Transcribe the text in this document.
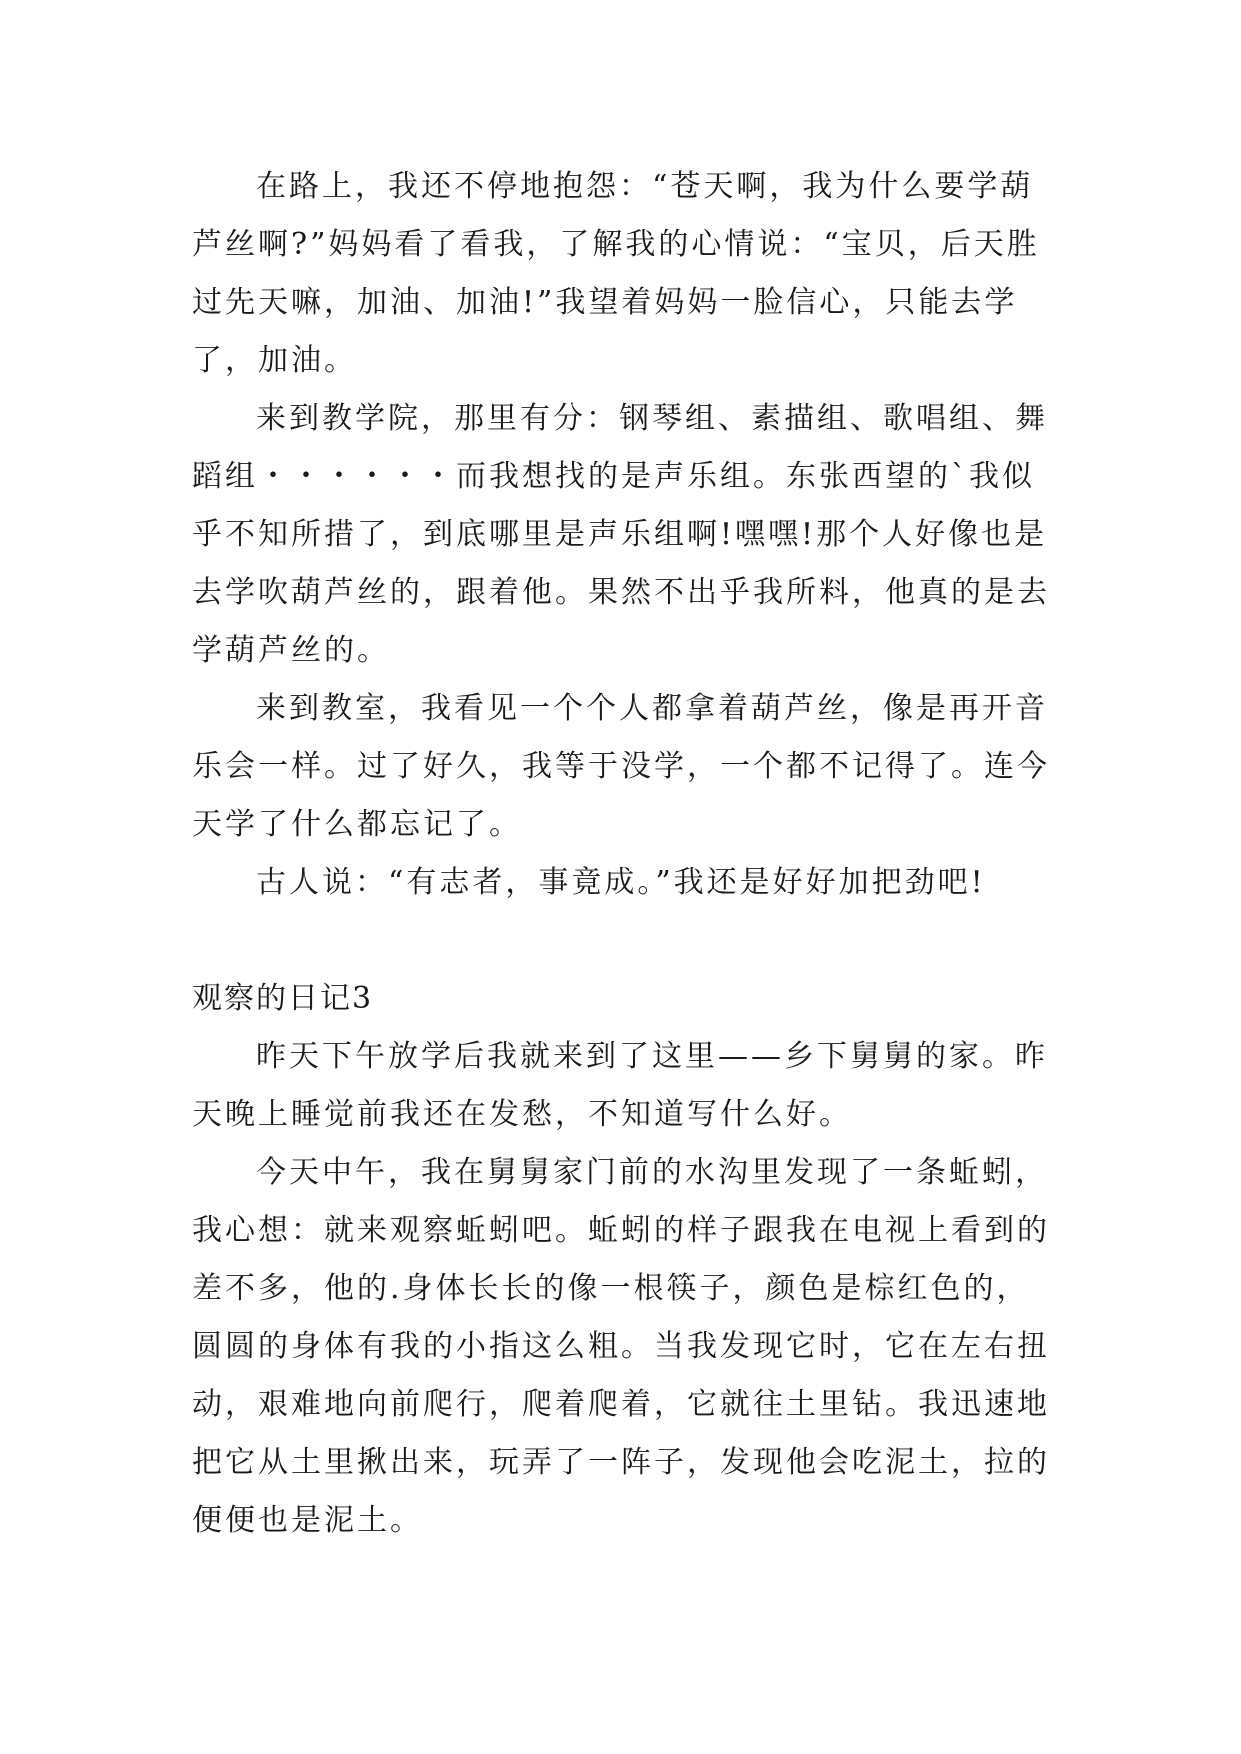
在路上，我还不停地抱怨：“苍天啊，我为什么要学葫
芦丝啊?”妈妈看了看我，了解我的心情说：“宝贝，后天胜
过先天嘛，加油、加油!”我望着妈妈一脸信心，只能去学
了，加油。
来到教学院，那里有分：钢琴组、素描组、歌唱组、舞
蹈组・・・・・・而我想找的是声乐组。东张西望的`我似
乎不知所措了，到底哪里是声乐组啊!嘿嘿!那个人好像也是
去学吹葫芦丝的，跟着他。果然不出乎我所料，他真的是去
学葫芦丝的。
来到教室，我看见一个个人都拿着葫芦丝，像是再开音
乐会一样。过了好久，我等于没学，一个都不记得了。连今
天学了什么都忘记了。
古人说：“有志者，事竟成。”我还是好好加把劲吧!
观察的日记3
昨天下午放学后我就来到了这里——乡下舅舅的家。昨
天晚上睡觉前我还在发愁，不知道写什么好。
今天中午，我在舅舅家门前的水沟里发现了一条蚯蚓，
我心想：就来观察蚯蚓吧。蚯蚓的样子跟我在电视上看到的
差不多，他的.身体长长的像一根筷子，颜色是棕红色的，
圆圆的身体有我的小指这么粗。当我发现它时，它在左右扭
动，艰难地向前爬行，爬着爬着，它就往土里钻。我迅速地
把它从土里揪出来，玩弄了一阵子，发现他会吃泥土，拉的
便便也是泥土。
